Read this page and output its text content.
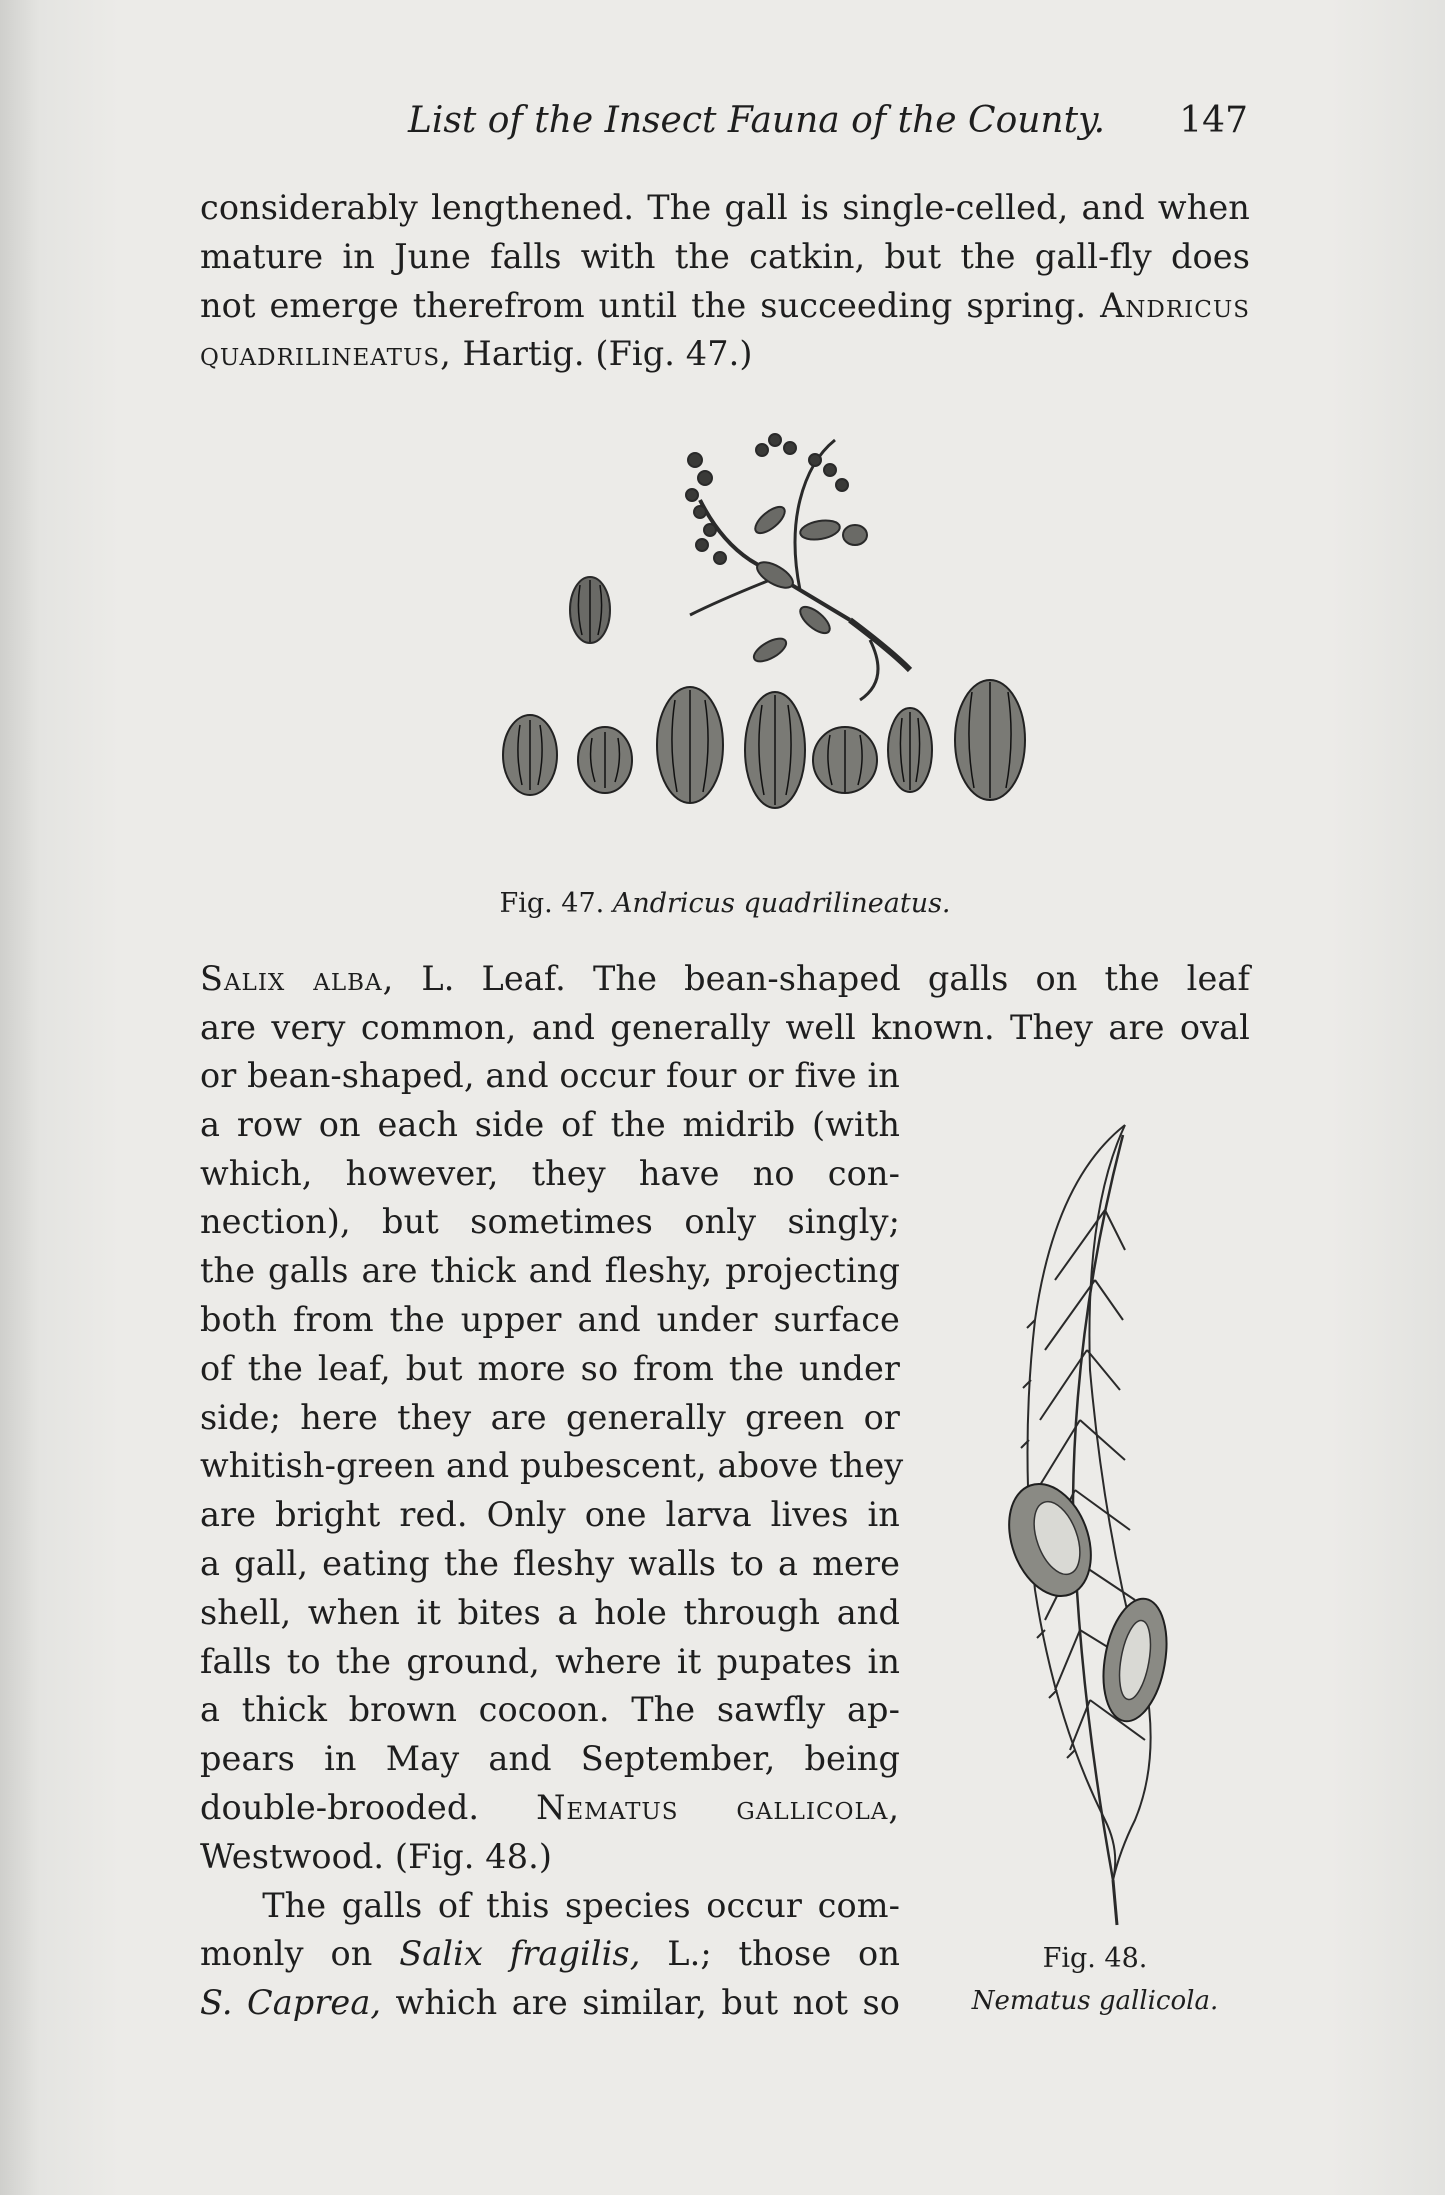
List of the Insect Fauna of the County. 147
considerably lengthened. The gall is single-celled, and when
mature in June falls with the catkin, but the gall-fly does
not emerge therefrom until the succeeding spring. Andricus
quadrilineatus, Hartig. (Fig. 47.)
Fig. 47. Andricus quadrilineatus.
Salix alba, L. Leaf. The bean-shaped galls on the leaf
are very common, and generally well known. They are oval
or bean-shaped, and occur four or five in
a row on each side of the midrib (with
which, however, they have no con-
nection), but sometimes only singly;
the galls are thick and fleshy, projecting
both from the upper and under surface
of the leaf, but more so from the under
side; here they are generally green or
whitish-green and pubescent, above they
are bright red. Only one larva lives in
a gall, eating the fleshy walls to a mere
shell, when it bites a hole through and
falls to the ground, where it pupates in
a thick brown cocoon. The sawfly ap-
pears in May and September, being
double-brooded. Nematus gallicola,
Westwood. (Fig. 48.)
The galls of this species occur com-
monly on Salix fragilis, L.; those on
S. Caprea, which are similar, but not so
Fig. 48.
Nematus gallicola.
